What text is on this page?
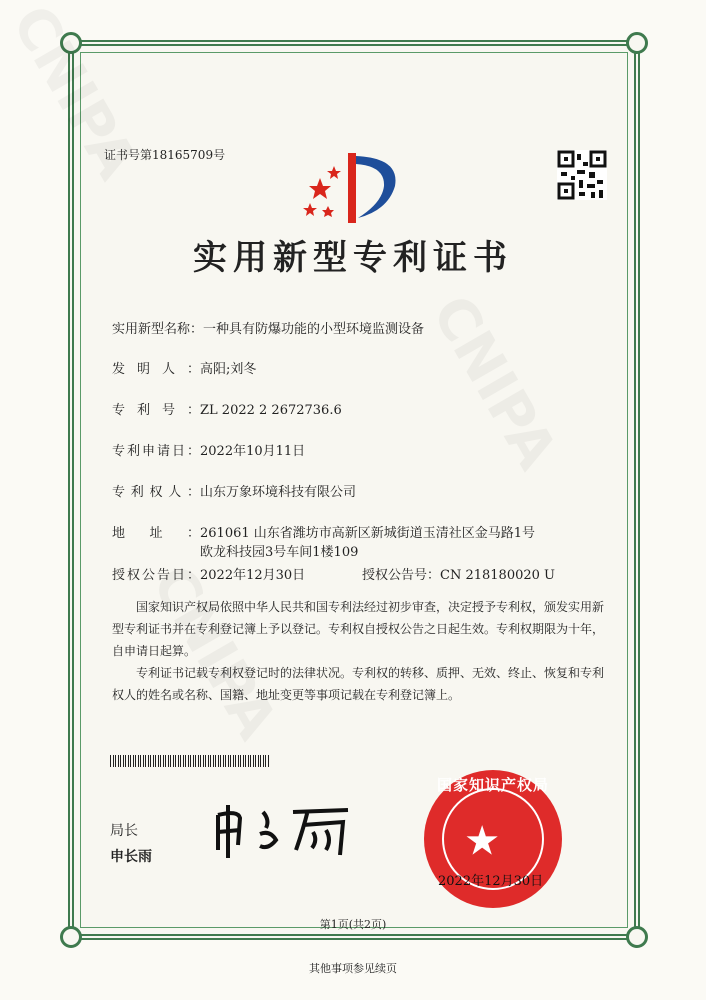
证书号第18165709号
实用新型专利证书
实用新型名称：一种具有防爆功能的小型环境监测设备
发明人：高阳;刘冬
专利号：ZL 2022 2 2672736.6
专利申请日：2022年10月11日
专利权人：山东万象环境科技有限公司
地址：261061 山东省潍坊市高新区新城街道玉清社区金马路1号
欧龙科技园3号车间1楼109
授权公告日：2022年12月30日	授权公告号：CN 218180020 U
国家知识产权局依照中华人民共和国专利法经过初步审查，决定授予专利权，颁发实用新型专利证书并在专利登记簿上予以登记。专利权自授权公告之日起生效。专利权期限为十年，自申请日起算。
专利证书记载专利权登记时的法律状况。专利权的转移、质押、无效、终止、恢复和专利权人的姓名或名称、国籍、地址变更等事项记载在专利登记簿上。
局长
申长雨	★
国家知识产权局
2022年12月30日
第1页(共2页)
其他事项参见续页
